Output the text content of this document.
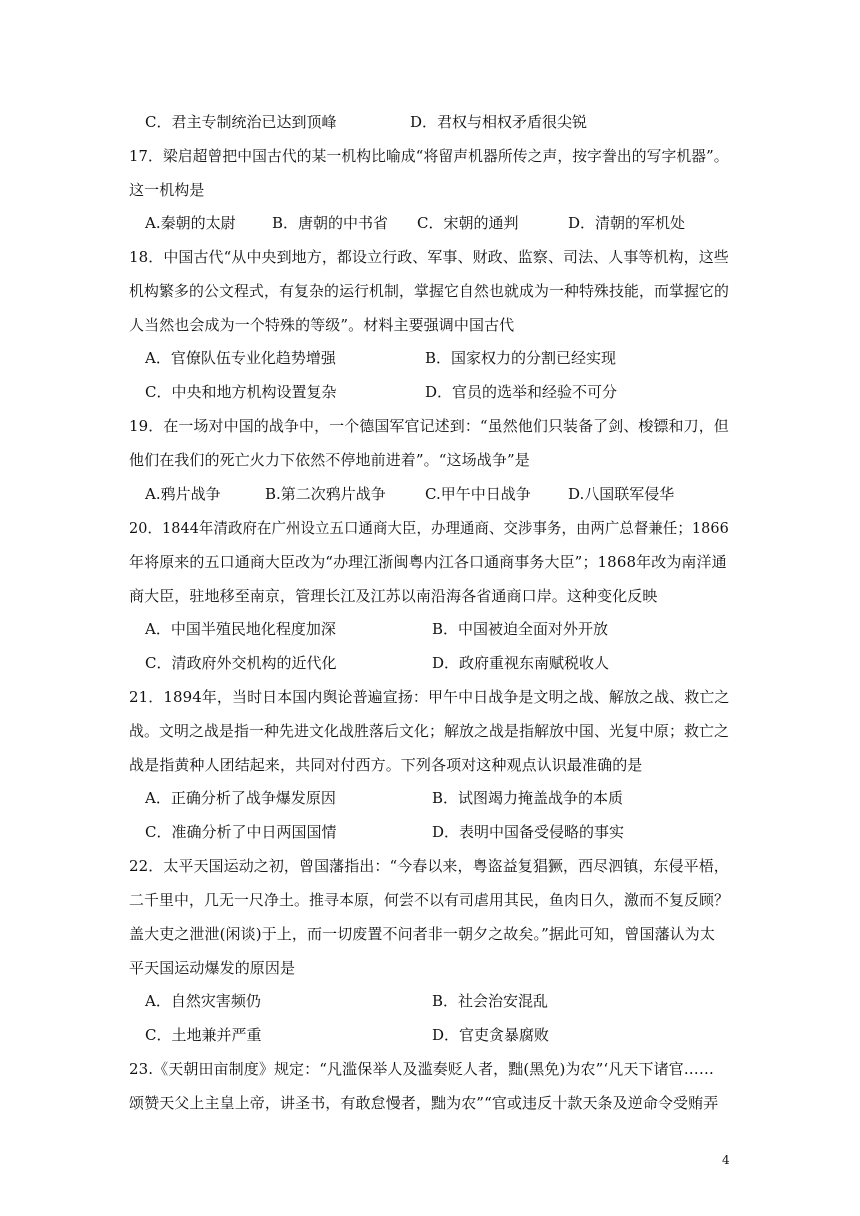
C．君主专制统治已达到顶峰	D．君权与相权矛盾很尖锐
17．梁启超曾把中国古代的某一机构比喻成“将留声机器所传之声，按字誊出的写字机器”。
这一机构是
A.秦朝的太尉 B．唐朝的中书省 C．宋朝的通判	D．清朝的军机处
18．中国古代“从中央到地方，都设立行政、军事、财政、监察、司法、人事等机构，这些
机构繁多的公文程式，有复杂的运行机制，掌握它自然也就成为一种特殊技能，而掌握它的
人当然也会成为一个特殊的等级”。材料主要强调中国古代
A．官僚队伍专业化趋势增强	B．国家权力的分割已经实现
C．中央和地方机构设置复杂	D．官员的选举和经验不可分
19．在一场对中国的战争中，一个德国军官记述到：“虽然他们只装备了剑、梭镖和刀，但
他们在我们的死亡火力下依然不停地前进着”。“这场战争”是
A.鸦片战争	B.第二次鸦片战争	C.甲午中日战争 D.八国联军侵华
20．1844年清政府在广州设立五口通商大臣，办理通商、交涉事务，由两广总督兼任；1866
年将原来的五口通商大臣改为“办理江浙闽粤内江各口通商事务大臣”；1868年改为南洋通
商大臣，驻地移至南京，管理长江及江苏以南沿海各省通商口岸。这种变化反映
A．中国半殖民地化程度加深	B．中国被迫全面对外开放
C．清政府外交机构的近代化	D．政府重视东南赋税收人
21．1894年，当时日本国内舆论普遍宣扬：甲午中日战争是文明之战、解放之战、救亡之
战。文明之战是指一种先进文化战胜落后文化；解放之战是指解放中国、光复中原；救亡之
战是指黄种人团结起来，共同对付西方。下列各项对这种观点认识最准确的是
A．正确分析了战争爆发原因	B．试图竭力掩盖战争的本质
C．准确分析了中日两国国情	D．表明中国备受侵略的事实
22．太平天国运动之初，曾国藩指出：“今春以来，粤盗益复猖獗，西尽泗镇，东侵平梧，
二千里中，几无一尺净土。推寻本原，何尝不以有司虐用其民，鱼肉日久，激而不复反顾？
盖大吏之泄泄(闲谈)于上，而一切废置不问者非一朝夕之故矣。”据此可知，曾国藩认为太
平天国运动爆发的原因是
A．自然灾害频仍	B．社会治安混乱
C．土地兼并严重	D．官吏贪暴腐败
23.《天朝田亩制度》规定：“凡滥保举人及滥奏贬人者，黜(黑免)为农”‘凡天下诸官……
颂赞天父上主皇上帝，讲圣书，有敢怠慢者，黜为农”“官或违反十款天条及逆命令受贿弄
4
